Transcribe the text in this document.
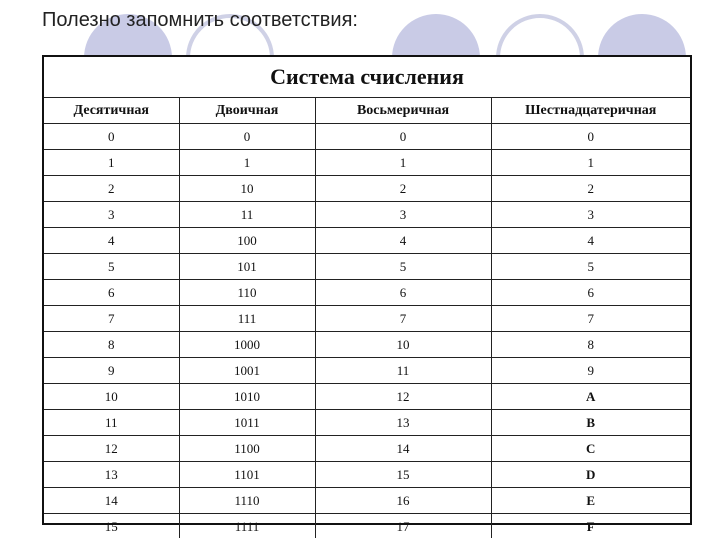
Полезно запомнить соответствия:
Система счисления
Десятичная	Двоичная	Восьмеричная	Шестнадцатеричная
0	0	0	0
1	1	1	1
2	10	2	2
3	11	3	3
4	100	4	4
5	101	5	5
6	110	6	6
7	111	7	7
8	1000	10	8
9	1001	11	9
10	1010	12	A
11	1011	13	B
12	1100	14	C
13	1101	15	D
14	1110	16	E
15	1111	17	F
